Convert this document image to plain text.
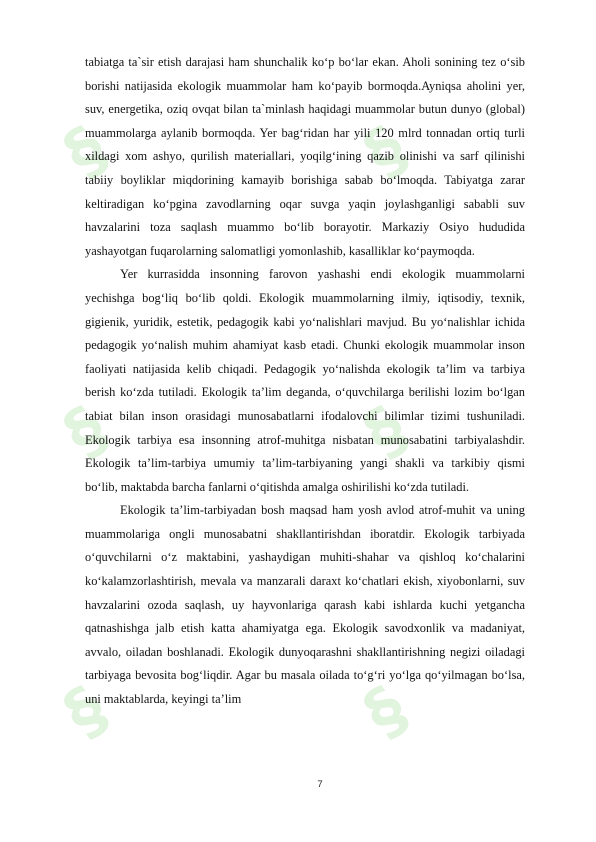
§	§
§	§
§	§

tabiatga ta`sir etish darajasi ham shunchalik ko‘p bo‘lar ekan. Aholi sonining tez o‘sib borishi natijasida ekologik muammolar ham ko‘payib bormoqda.Ayniqsa aholini yer, suv, energetika, oziq ovqat bilan ta`minlash haqidagi muammolar butun dunyo (global) muammolarga aylanib bormoqda. Yer bag‘ridan har yili 120 mlrd tonnadan ortiq turli xildagi xom ashyo, qurilish materiallari, yoqilg‘ining qazib olinishi va sarf qilinishi tabiiy boyliklar miqdorining kamayib borishiga sabab bo‘lmoqda. Tabiyatga zarar keltiradigan ko‘pgina zavodlarning oqar suvga yaqin joylashganligi sababli suv havzalarini toza saqlash muammo bo‘lib borayotir. Markaziy Osiyo hududida yashayotgan fuqarolarning salomatligi yomonlashib, kasalliklar ko‘paymoqda.

Yer kurrasidda insonning farovon yashashi endi ekologik muammolarni yechishga bog‘liq bo‘lib qoldi. Ekologik muammolarning ilmiy, iqtisodiy, texnik, gigienik, yuridik, estetik, pedagogik kabi yo‘nalishlari mavjud. Bu yo‘nalishlar ichida pedagogik yo‘nalish muhim ahamiyat kasb etadi. Chunki ekologik muammolar inson faoliyati natijasida kelib chiqadi. Pedagogik yo‘nalishda ekologik ta’lim va tarbiya berish ko‘zda tutiladi. Ekologik ta’lim deganda, o‘quvchilarga berilishi lozim bo‘lgan tabiat bilan inson orasidagi munosabatlarni ifodalovchi bilimlar tizimi tushuniladi. Ekologik tarbiya esa insonning atrof-muhitga nisbatan munosabatini tarbiyalashdir. Ekologik ta’lim-tarbiya umumiy ta’lim-tarbiyaning yangi shakli va tarkibiy qismi bo‘lib, maktabda barcha fanlarni o‘qitishda amalga oshirilishi ko‘zda tutiladi.

Ekologik ta’lim-tarbiyadan bosh maqsad ham yosh avlod atrof-muhit va uning muammolariga ongli munosabatni shakllantirishdan iboratdir. Ekologik tarbiyada o‘quvchilarni o‘z maktabini, yashaydigan muhiti-shahar va qishloq ko‘chalarini ko‘kalamzorlashtirish, mevala va manzarali daraxt ko‘chatlari ekish, xiyobonlarni, suv havzalarini ozoda saqlash, uy hayvonlariga qarash kabi ishlarda kuchi yetgancha qatnashishga jalb etish katta ahamiyatga ega. Ekologik savodxonlik va madaniyat, avvalo, oiladan boshlanadi. Ekologik dunyoqarashni shakllantirishning negizi oiladagi tarbiyaga bevosita bog‘liqdir. Agar bu masala oilada to‘g‘ri yo‘lga qo‘yilmagan bo‘lsa, uni maktablarda, keyingi ta’lim

7
